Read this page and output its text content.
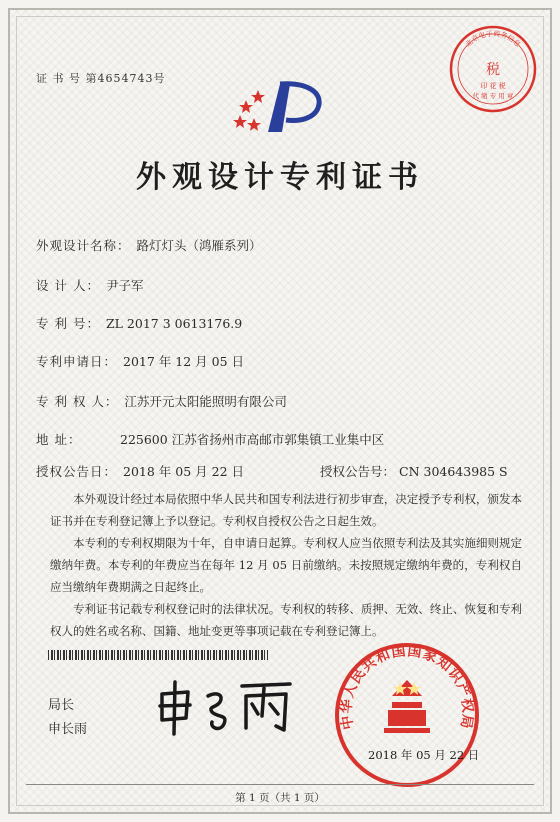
证 书 号 第4654743号
北京电子商务信息
税
印 花 税
代 缴 专 用 章
外观设计专利证书
外观设计名称： 路灯灯头（鸿雁系列）
设 计 人： 尹子军
专 利 号： ZL 2017 3 0613176.9
专利申请日： 2017 年 12 月 05 日
专 利 权 人： 江苏开元太阳能照明有限公司
地 址：	225600 江苏省扬州市高邮市郭集镇工业集中区
授权公告日： 2018 年 05 月 22 日	授权公告号： CN 304643985 S
本外观设计经过本局依照中华人民共和国专利法进行初步审查，决定授予专利权，颁发本证书并在专利登记簿上予以登记。专利权自授权公告之日起生效。
本专利的专利权期限为十年，自申请日起算。专利权人应当依照专利法及其实施细则规定缴纳年费。本专利的年费应当在每年 12 月 05 日前缴纳。未按照规定缴纳年费的，专利权自应当缴纳年费期满之日起终止。
专利证书记载专利权登记时的法律状况。专利权的转移、质押、无效、终止、恢复和专利权人的姓名或名称、国籍、地址变更等事项记载在专利登记簿上。
局长
申长雨	中华人民共和国国家知识产权局
2018 年 05 月 22 日
第 1 页（共 1 页）
